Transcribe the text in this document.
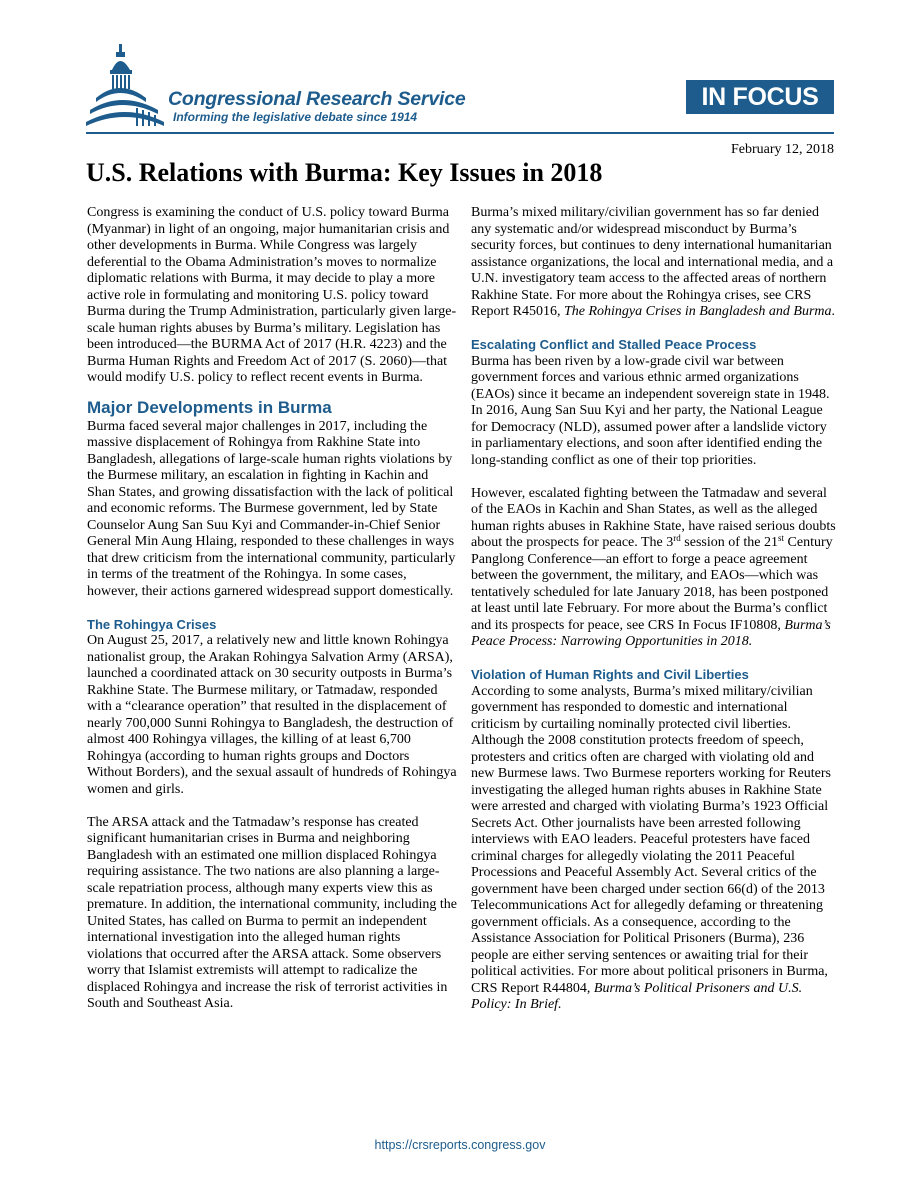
Congressional Research Service
Informing the legislative debate since 1914
IN FOCUS
February 12, 2018
U.S. Relations with Burma: Key Issues in 2018

Congress is examining the conduct of U.S. policy toward Burma (Myanmar) in light of an ongoing, major humanitarian crisis and other developments in Burma. While Congress was largely deferential to the Obama Administration’s moves to normalize diplomatic relations with Burma, it may decide to play a more active role in formulating and monitoring U.S. policy toward Burma during the Trump Administration, particularly given large-scale human rights abuses by Burma’s military. Legislation has been introduced—the BURMA Act of 2017 (H.R. 4223) and the Burma Human Rights and Freedom Act of 2017 (S. 2060)—that would modify U.S. policy to reflect recent events in Burma.

Major Developments in Burma

Burma faced several major challenges in 2017, including the massive displacement of Rohingya from Rakhine State into Bangladesh, allegations of large-scale human rights violations by the Burmese military, an escalation in fighting in Kachin and Shan States, and growing dissatisfaction with the lack of political and economic reforms. The Burmese government, led by State Counselor Aung San Suu Kyi and Commander-in-Chief Senior General Min Aung Hlaing, responded to these challenges in ways that drew criticism from the international community, particularly in terms of the treatment of the Rohingya. In some cases, however, their actions garnered widespread support domestically.

The Rohingya Crises

On August 25, 2017, a relatively new and little known Rohingya nationalist group, the Arakan Rohingya Salvation Army (ARSA), launched a coordinated attack on 30 security outposts in Burma’s Rakhine State. The Burmese military, or Tatmadaw, responded with a “clearance operation” that resulted in the displacement of nearly 700,000 Sunni Rohingya to Bangladesh, the destruction of almost 400 Rohingya villages, the killing of at least 6,700 Rohingya (according to human rights groups and Doctors Without Borders), and the sexual assault of hundreds of Rohingya women and girls.

The ARSA attack and the Tatmadaw’s response has created significant humanitarian crises in Burma and neighboring Bangladesh with an estimated one million displaced Rohingya requiring assistance. The two nations are also planning a large-scale repatriation process, although many experts view this as premature. In addition, the international community, including the United States, has called on Burma to permit an independent international investigation into the alleged human rights violations that occurred after the ARSA attack. Some observers worry that Islamist extremists will attempt to radicalize the displaced Rohingya and increase the risk of terrorist activities in South and Southeast Asia.

Burma’s mixed military/civilian government has so far denied any systematic and/or widespread misconduct by Burma’s security forces, but continues to deny international humanitarian assistance organizations, the local and international media, and a U.N. investigatory team access to the affected areas of northern Rakhine State. For more about the Rohingya crises, see CRS Report R45016, The Rohingya Crises in Bangladesh and Burma.

Escalating Conflict and Stalled Peace Process

Burma has been riven by a low-grade civil war between government forces and various ethnic armed organizations (EAOs) since it became an independent sovereign state in 1948. In 2016, Aung San Suu Kyi and her party, the National League for Democracy (NLD), assumed power after a landslide victory in parliamentary elections, and soon after identified ending the long-standing conflict as one of their top priorities.

However, escalated fighting between the Tatmadaw and several of the EAOs in Kachin and Shan States, as well as the alleged human rights abuses in Rakhine State, have raised serious doubts about the prospects for peace. The 3rd session of the 21st Century Panglong Conference—an effort to forge a peace agreement between the government, the military, and EAOs—which was tentatively scheduled for late January 2018, has been postponed at least until late February. For more about the Burma’s conflict and its prospects for peace, see CRS In Focus IF10808, Burma’s Peace Process: Narrowing Opportunities in 2018.

Violation of Human Rights and Civil Liberties

According to some analysts, Burma’s mixed military/civilian government has responded to domestic and international criticism by curtailing nominally protected civil liberties. Although the 2008 constitution protects freedom of speech, protesters and critics often are charged with violating old and new Burmese laws. Two Burmese reporters working for Reuters investigating the alleged human rights abuses in Rakhine State were arrested and charged with violating Burma’s 1923 Official Secrets Act. Other journalists have been arrested following interviews with EAO leaders. Peaceful protesters have faced criminal charges for allegedly violating the 2011 Peaceful Processions and Peaceful Assembly Act. Several critics of the government have been charged under section 66(d) of the 2013 Telecommunications Act for allegedly defaming or threatening government officials. As a consequence, according to the Assistance Association for Political Prisoners (Burma), 236 people are either serving sentences or awaiting trial for their political activities. For more about political prisoners in Burma, CRS Report R44804, Burma’s Political Prisoners and U.S. Policy: In Brief.

https://crsreports.congress.gov
